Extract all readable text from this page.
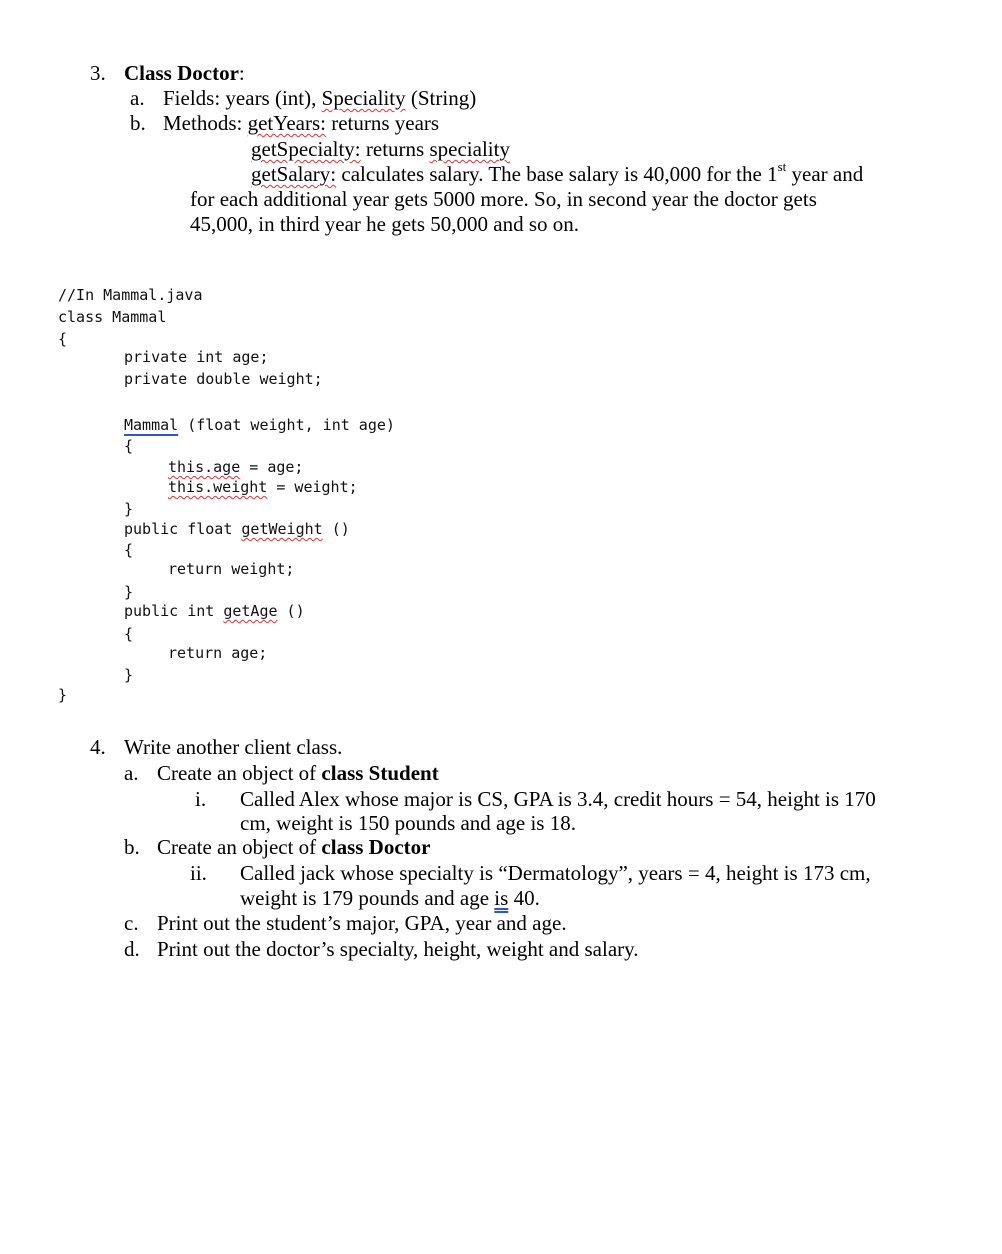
3. Class Doctor:
a. Fields: years (int), Speciality (String)
b. Methods: getYears: returns years
getSpecialty: returns speciality
getSalary: calculates salary. The base salary is 40,000 for the 1st year and
for each additional year gets 5000 more. So, in second year the doctor gets
45,000, in third year he gets 50,000 and so on.
//In Mammal.java
class Mammal
{
private int age;
private double weight;
Mammal (float weight, int age)
{
this.age = age;
this.weight = weight;
}
public float getWeight ()
{
return weight;
}
public int getAge ()
{
return age;
}
}
4. Write another client class.
a. Create an object of class Student
i. Called Alex whose major is CS, GPA is 3.4, credit hours = 54, height is 170
cm, weight is 150 pounds and age is 18.
b. Create an object of class Doctor
ii. Called jack whose specialty is “Dermatology”, years = 4, height is 173 cm,
weight is 179 pounds and age is 40.
c. Print out the student’s major, GPA, year and age.
d. Print out the doctor’s specialty, height, weight and salary.
